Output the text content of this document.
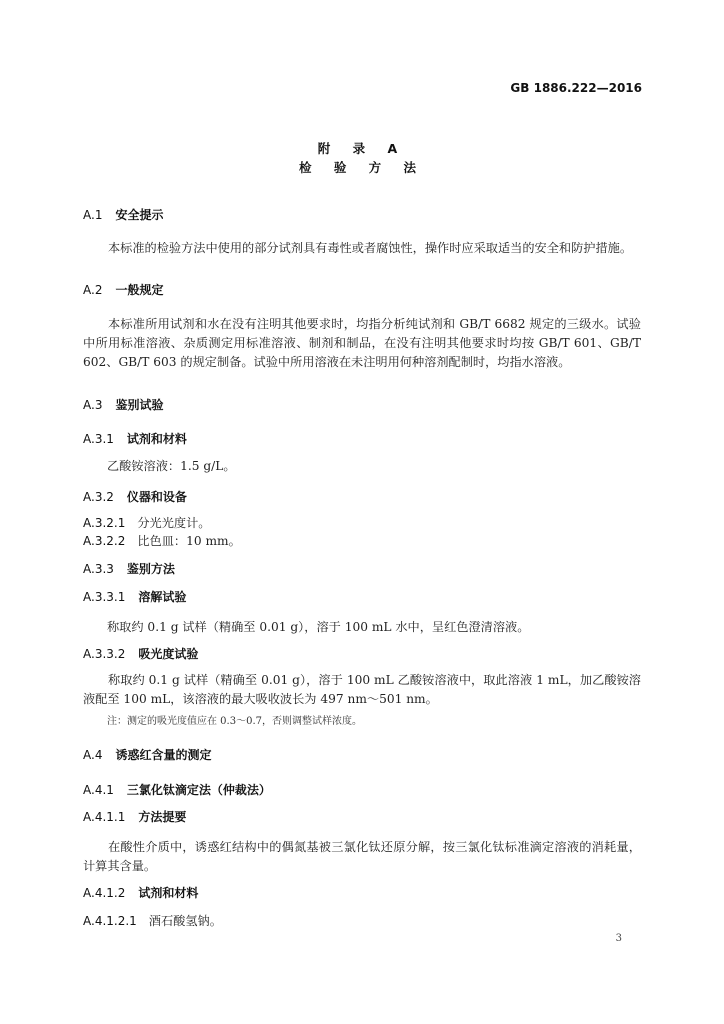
GB 1886.222—2016
附 录 A
检 验 方 法
A.1 安全提示
本标准的检验方法中使用的部分试剂具有毒性或者腐蚀性，操作时应采取适当的安全和防护措施。
A.2 一般规定
本标准所用试剂和水在没有注明其他要求时，均指分析纯试剂和 GB/T 6682 规定的三级水。试验中所用标准溶液、杂质测定用标准溶液、制剂和制品，在没有注明其他要求时均按 GB/T 601、GB/T 602、GB/T 603 的规定制备。试验中所用溶液在未注明用何种溶剂配制时，均指水溶液。
A.3 鉴别试验
A.3.1 试剂和材料
乙酸铵溶液：1.5 g/L。
A.3.2 仪器和设备
A.3.2.1 分光光度计。
A.3.2.2 比色皿：10 mm。
A.3.3 鉴别方法
A.3.3.1 溶解试验
称取约 0.1 g 试样（精确至 0.01 g），溶于 100 mL 水中，呈红色澄清溶液。
A.3.3.2 吸光度试验
称取约 0.1 g 试样（精确至 0.01 g），溶于 100 mL 乙酸铵溶液中，取此溶液 1 mL，加乙酸铵溶液配至 100 mL，该溶液的最大吸收波长为 497 nm～501 nm。
注：测定的吸光度值应在 0.3～0.7，否则调整试样浓度。
A.4 诱惑红含量的测定
A.4.1 三氯化钛滴定法（仲裁法）
A.4.1.1 方法提要
在酸性介质中，诱惑红结构中的偶氮基被三氯化钛还原分解，按三氯化钛标准滴定溶液的消耗量，计算其含量。
A.4.1.2 试剂和材料
A.4.1.2.1 酒石酸氢钠。
3
